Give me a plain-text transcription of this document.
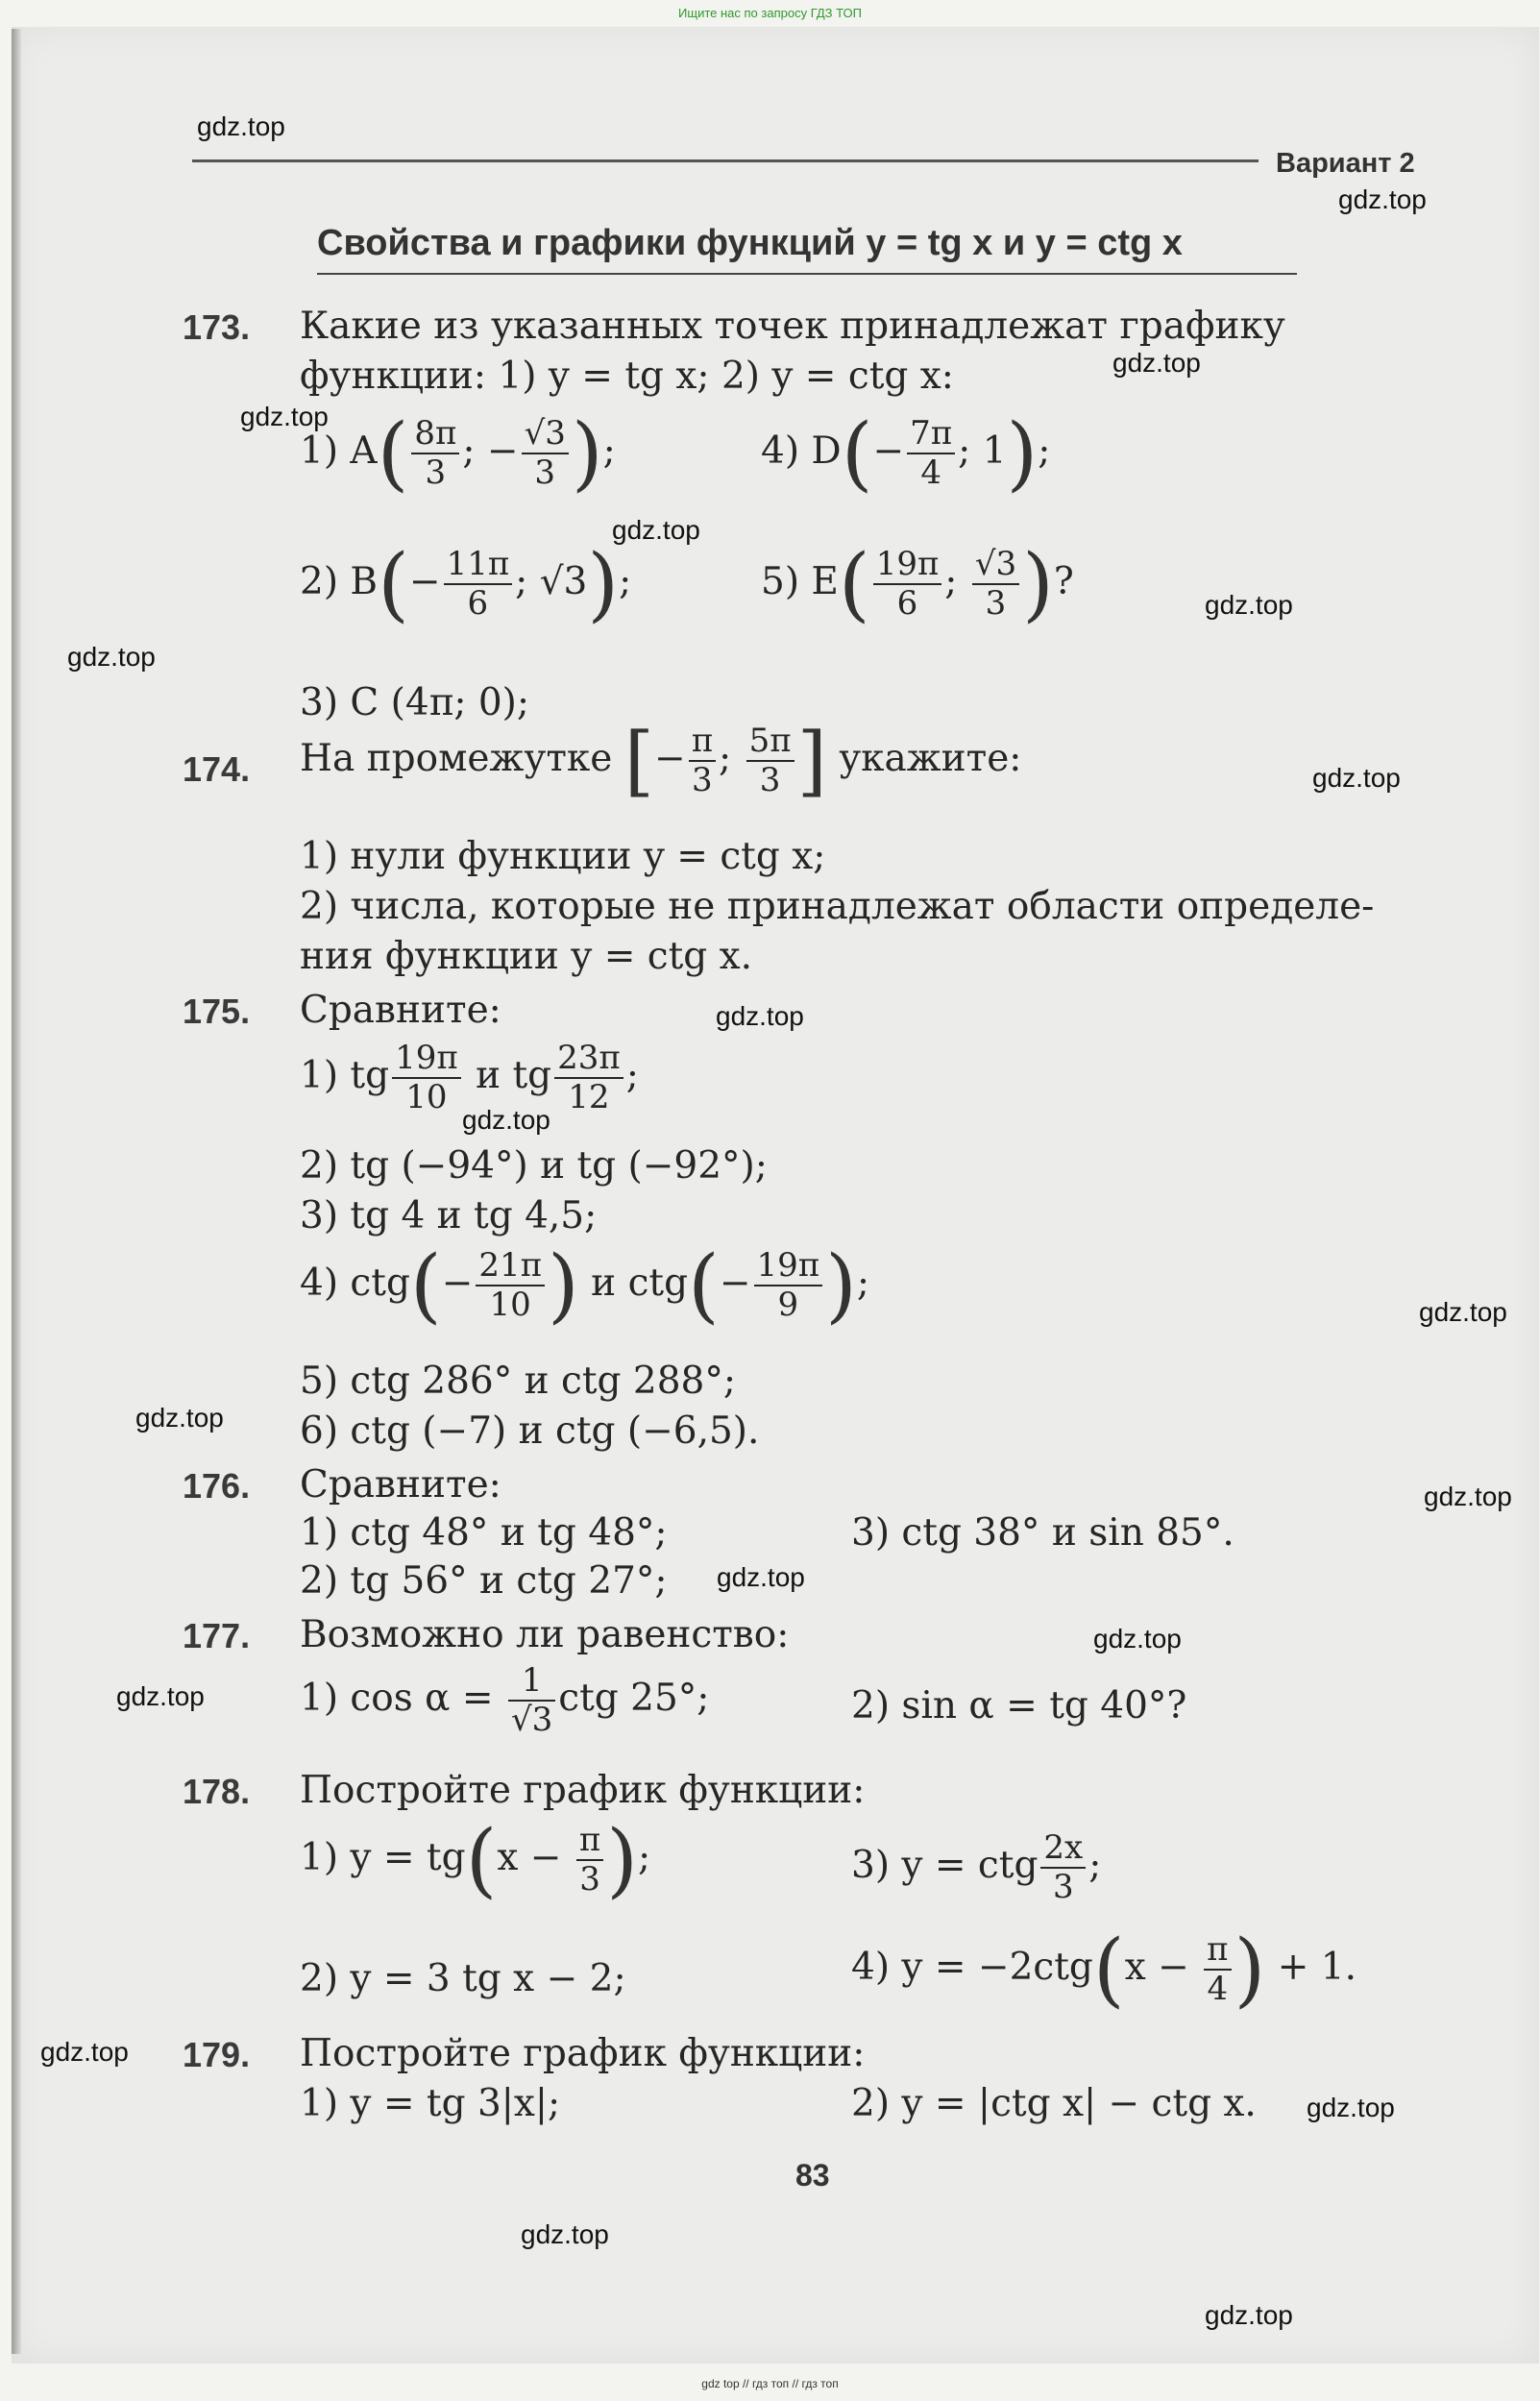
Ищите нас по запросу ГДЗ ТОП
gdz.top
gdz.top
gdz.top
gdz.top
gdz.top
gdz.top
gdz.top
gdz.top
gdz.top
gdz.top
gdz.top
gdz.top
gdz.top
gdz.top
gdz.top
gdz.top
gdz.top
gdz.top
gdz.top
gdz.top
Вариант 2
Свойства и графики функций y = tg x и y = ctg x
173. Какие из указанных точек принадлежат графику
функции: 1) y = tg x; 2) y = ctg x:
1) $A( \frac{8\pi}{3}$ ; − $\frac{√3}{3}$ );	4) $D(- \frac{7\pi}{4}$ ; 1);
2) $B(- \frac{11\pi}{6}$ ; √3);	5) $E( \frac{19\pi}{6}$ ; $\frac{√3}{3}$ )?
3) C (4π; 0);
174. На промежутке [− $\frac{\pi}{3}$ ; $\frac{5\pi}{3}$ ] укажите:
1) нули функции y = ctg x;
2) числа, которые не принадлежат области определе-
ния функции y = ctg x.
175. Сравните:
1) tg $\frac{19\pi}{10}$ и tg $\frac{23\pi}{12}$ ;
2) tg (−94°) и tg (−92°);
3) tg 4 и tg 4,5;
4) $ctg(- \frac{21\pi}{10}$ ) и $ctg(- \frac{19\pi}{9}$ );
5) ctg 286° и ctg 288°;
6) ctg (−7) и ctg (−6,5).
176. Сравните:
1) ctg 48° и tg 48°;	3) ctg 38° и sin 85°.
2) tg 56° и ctg 27°;
177. Возможно ли равенство:
1) $\cos \alpha = \frac{1}{√3}$ ctg 25°;	2) sin α = tg 40°?
178. Постройте график функции:
1) $y = tg(x - \frac{\pi}{3}$ );	3) y = ctg $\frac{2x}{3}$ ;
2) y = 3 tg x − 2;	4) $y = -2ctg(x - \frac{\pi}{4}$ ) + 1.
179. Постройте график функции:
1) y = tg 3|x|;	2) y = |ctg x| − ctg x.
83
gdz top // гдз топ // гдз топ
